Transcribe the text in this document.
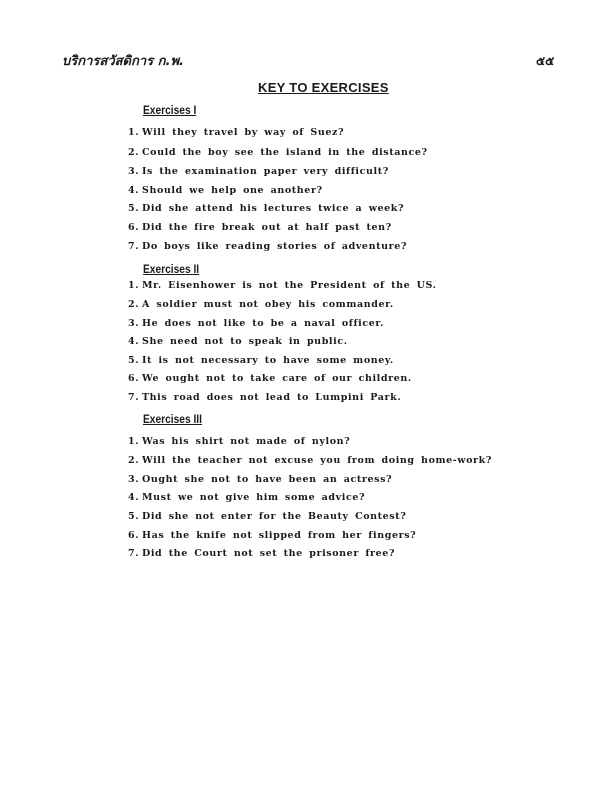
บริการสวัสดิการ ก.พ.	๕๕
KEY TO EXERCISES
Exercises I
1. Will they travel by way of Suez?
2. Could the boy see the island in the distance?
3. Is the examination paper very difficult?
4. Should we help one another?
5. Did she attend his lectures twice a week?
6. Did the fire break out at half past ten?
7. Do boys like reading stories of adventure?
Exercises II
1. Mr. Eisenhower is not the President of the US.
2. A soldier must not obey his commander.
3. He does not like to be a naval officer.
4. She need not to speak in public.
5. It is not necessary to have some money.
6. We ought not to take care of our children.
7. This road does not lead to Lumpini Park.
Exercises III
1. Was his shirt not made of nylon?
2. Will the teacher not excuse you from doing home-work?
3. Ought she not to have been an actress?
4. Must we not give him some advice?
5. Did she not enter for the Beauty Contest?
6. Has the knife not slipped from her fingers?
7. Did the Court not set the prisoner free?
